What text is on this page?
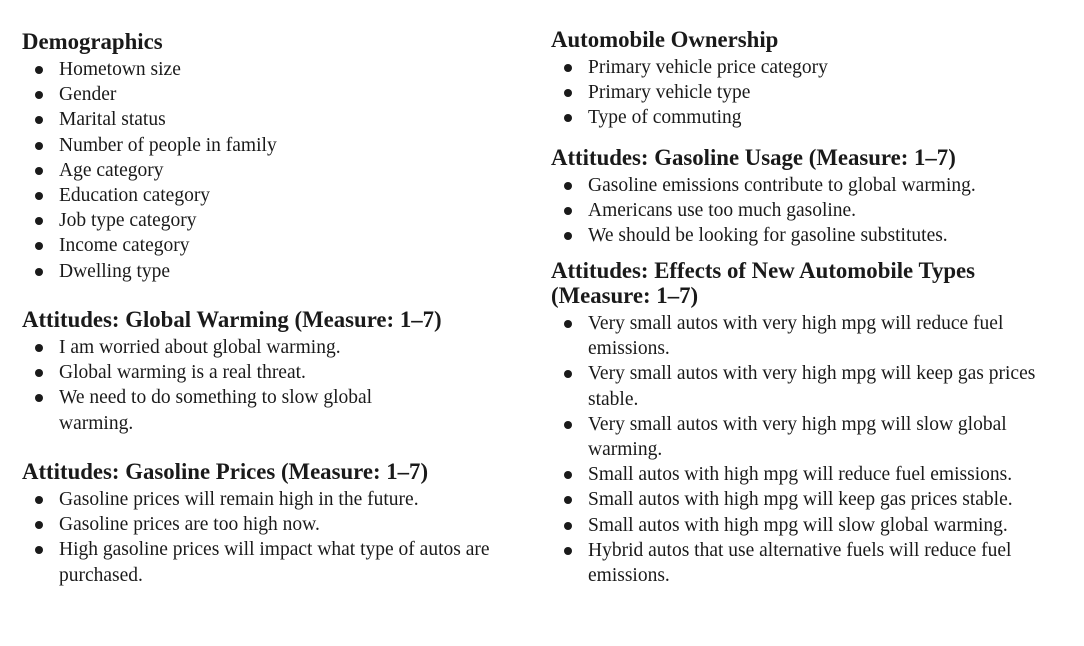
Demographics
Hometown size
Gender
Marital status
Number of people in family
Age category
Education category
Job type category
Income category
Dwelling type
Attitudes: Global Warming (Measure: 1–7)
I am worried about global warming.
Global warming is a real threat.
We need to do something to slow global warming.
Attitudes: Gasoline Prices (Measure: 1–7)
Gasoline prices will remain high in the future.
Gasoline prices are too high now.
High gasoline prices will impact what type of autos are purchased.
Automobile Ownership
Primary vehicle price category
Primary vehicle type
Type of commuting
Attitudes: Gasoline Usage (Measure: 1–7)
Gasoline emissions contribute to global warming.
Americans use too much gasoline.
We should be looking for gasoline substitutes.
Attitudes: Effects of New Automobile Types
(Measure: 1–7)
Very small autos with very high mpg will reduce fuel emissions.
Very small autos with very high mpg will keep gas prices stable.
Very small autos with very high mpg will slow global warming.
Small autos with high mpg will reduce fuel emissions.
Small autos with high mpg will keep gas prices stable.
Small autos with high mpg will slow global warming.
Hybrid autos that use alternative fuels will reduce fuel emissions.
